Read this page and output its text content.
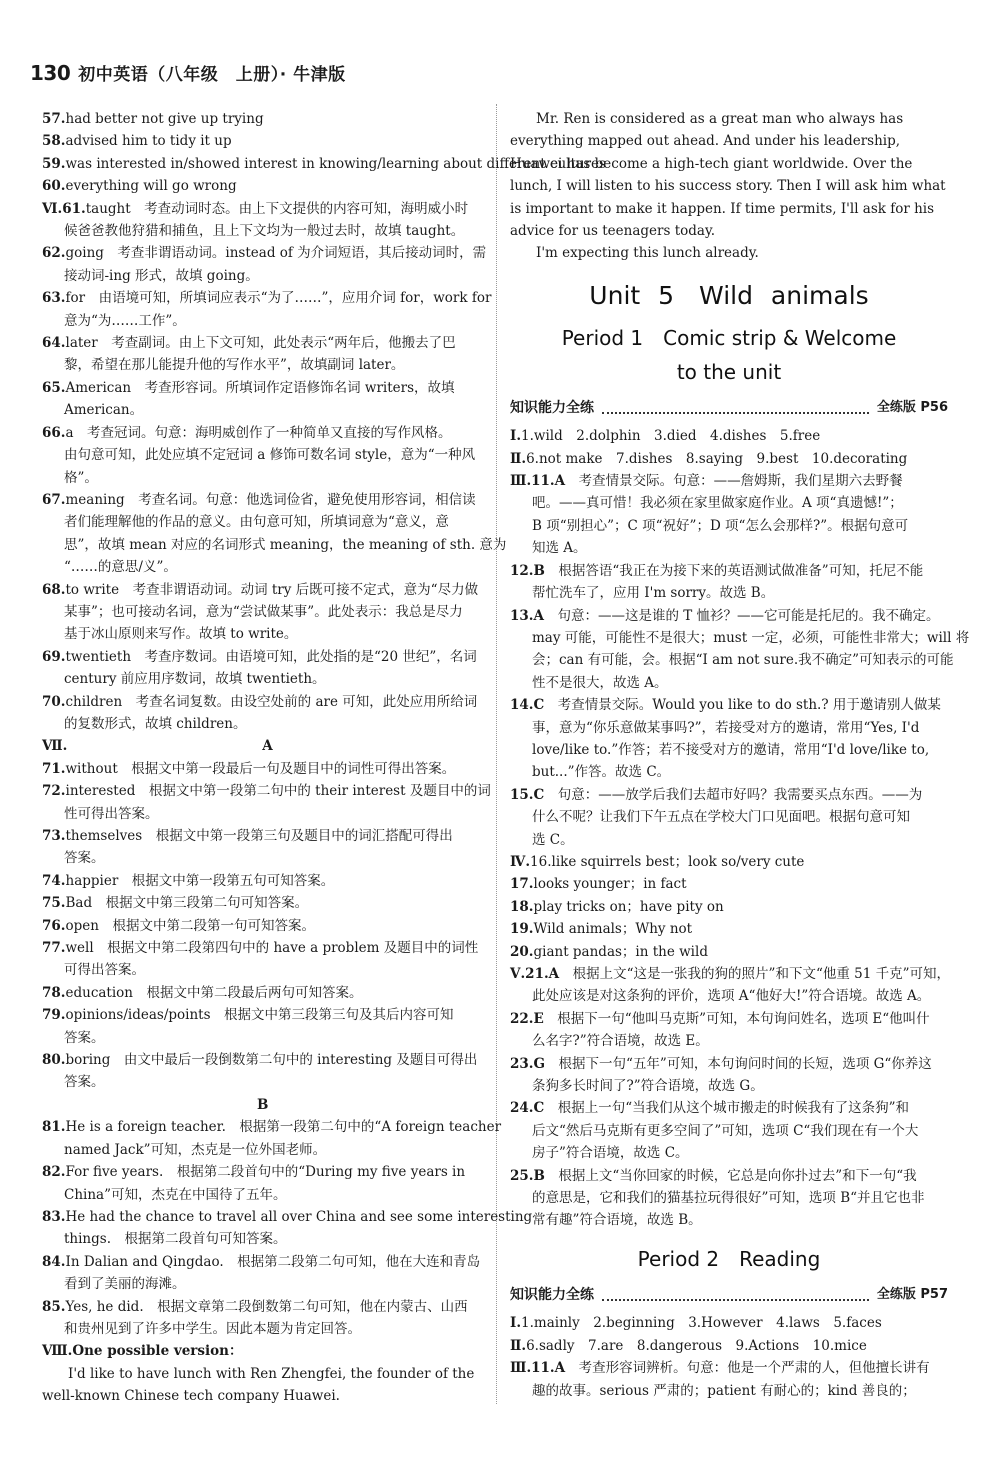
130 初中英语（八年级　上册）· 牛津版
57.had better not give up trying
58.advised him to tidy it up
59.was interested in/showed interest in knowing/learning about different cultures
60.everything will go wrong
Ⅵ.61.taught　考查动词时态。由上下文提供的内容可知，海明威小时
候爸爸教他狩猎和捕鱼，且上下文均为一般过去时，故填 taught。
62.going　考查非谓语动词。instead of 为介词短语，其后接动词时，需
接动词-ing 形式，故填 going。
63.for　由语境可知，所填词应表示“为了……”，应用介词 for，work for
意为“为……工作”。
64.later　考查副词。由上下文可知，此处表示“两年后，他搬去了巴
黎，希望在那儿能提升他的写作水平”，故填副词 later。
65.American　考查形容词。所填词作定语修饰名词 writers，故填
American。
66.a　考查冠词。句意：海明威创作了一种简单又直接的写作风格。
由句意可知，此处应填不定冠词 a 修饰可数名词 style，意为“一种风
格”。
67.meaning　考查名词。句意：他选词俭省，避免使用形容词，相信读
者们能理解他的作品的意义。由句意可知，所填词意为“意义，意
思”，故填 mean 对应的名词形式 meaning，the meaning of sth. 意为
“……的意思/义”。
68.to write　考查非谓语动词。动词 try 后既可接不定式，意为“尽力做
某事”；也可接动名词，意为“尝试做某事”。此处表示：我总是尽力
基于冰山原则来写作。故填 to write。
69.twentieth　考查序数词。由语境可知，此处指的是“20 世纪”，名词
century 前应用序数词，故填 twentieth。
70.children　考查名词复数。由设空处前的 are 可知，此处应用所给词
的复数形式，故填 children。
Ⅶ.	A
71.without　根据文中第一段最后一句及题目中的词性可得出答案。
72.interested　根据文中第一段第二句中的 their interest 及题目中的词
性可得出答案。
73.themselves　根据文中第一段第三句及题目中的词汇搭配可得出
答案。
74.happier　根据文中第一段第五句可知答案。
75.Bad　根据文中第三段第二句可知答案。
76.open　根据文中第二段第一句可知答案。
77.well　根据文中第二段第四句中的 have a problem 及题目中的词性
可得出答案。
78.education　根据文中第二段最后两句可知答案。
79.opinions/ideas/points　根据文中第三段第三句及其后内容可知
答案。
80.boring　由文中最后一段倒数第二句中的 interesting 及题目可得出
答案。
B
81.He is a foreign teacher.　根据第一段第二句中的“A foreign teacher
named Jack”可知，杰克是一位外国老师。
82.For five years.　根据第二段首句中的“During my five years in
China”可知，杰克在中国待了五年。
83.He had the chance to travel all over China and see some interesting
things.　根据第二段首句可知答案。
84.In Dalian and Qingdao.　根据第二段第二句可知，他在大连和青岛
看到了美丽的海滩。
85.Yes, he did.　根据文章第二段倒数第二句可知，他在内蒙古、山西
和贵州见到了许多中学生。因此本题为肯定回答。
Ⅷ.One possible version：
I'd like to have lunch with Ren Zhengfei, the founder of the well-known Chinese tech company Huawei.
Mr. Ren is considered as a great man who always has everything mapped out ahead. And under his leadership, Huawei has become a high-tech giant worldwide. Over the lunch, I will listen to his success story. Then I will ask him what is important to make it happen. If time permits, I'll ask for his advice for us teenagers today.
I'm expecting this lunch already.
Unit 5　Wild animals
Period 1　Comic strip & Welcome
to the unit
知识能力全练	全练版 P56
Ⅰ.1.wild　2.dolphin　3.died　4.dishes　5.free
Ⅱ.6.not make　7.dishes　8.saying　9.best　10.decorating
Ⅲ.11.A　考查情景交际。句意：——詹姆斯，我们星期六去野餐
吧。——真可惜！我必须在家里做家庭作业。A 项“真遗憾!”；
B 项“别担心”；C 项“祝好”；D 项“怎么会那样?”。根据句意可
知选 A。
12.B　根据答语“我正在为接下来的英语测试做准备”可知，托尼不能
帮忙洗车了，应用 I'm sorry。故选 B。
13.A　句意：——这是谁的 T 恤衫？——它可能是托尼的。我不确定。
may 可能，可能性不是很大；must 一定，必须，可能性非常大；will 将
会；can 有可能，会。根据“I am not sure.我不确定”可知表示的可能
性不是很大，故选 A。
14.C　考查情景交际。Would you like to do sth.? 用于邀请别人做某
事，意为“你乐意做某事吗?”，若接受对方的邀请，常用“Yes, I'd
love/like to.”作答；若不接受对方的邀请，常用“I'd love/like to,
but...”作答。故选 C。
15.C　句意：——放学后我们去超市好吗？我需要买点东西。——为
什么不呢？让我们下午五点在学校大门口见面吧。根据句意可知
选 C。
Ⅳ.16.like squirrels best；look so/very cute
17.looks younger；in fact
18.play tricks on；have pity on
19.Wild animals；Why not
20.giant pandas；in the wild
Ⅴ.21.A　根据上文“这是一张我的狗的照片”和下文“他重 51 千克”可知，
此处应该是对这条狗的评价，选项 A“他好大!”符合语境。故选 A。
22.E　根据下一句“他叫马克斯”可知，本句询问姓名，选项 E“他叫什
么名字?”符合语境，故选 E。
23.G　根据下一句“五年”可知，本句询问时间的长短，选项 G“你养这
条狗多长时间了?”符合语境，故选 G。
24.C　根据上一句“当我们从这个城市搬走的时候我有了这条狗”和
后文“然后马克斯有更多空间了”可知，选项 C“我们现在有一个大
房子”符合语境，故选 C。
25.B　根据上文“当你回家的时候，它总是向你扑过去”和下一句“我
的意思是，它和我们的猫基拉玩得很好”可知，选项 B“并且它也非
常有趣”符合语境，故选 B。
Period 2　Reading
知识能力全练	全练版 P57
Ⅰ.1.mainly　2.beginning　3.However　4.laws　5.faces
Ⅱ.6.sadly　7.are　8.dangerous　9.Actions　10.mice
Ⅲ.11.A　考查形容词辨析。句意：他是一个严肃的人，但他擅长讲有
趣的故事。serious 严肃的；patient 有耐心的；kind 善良的；
